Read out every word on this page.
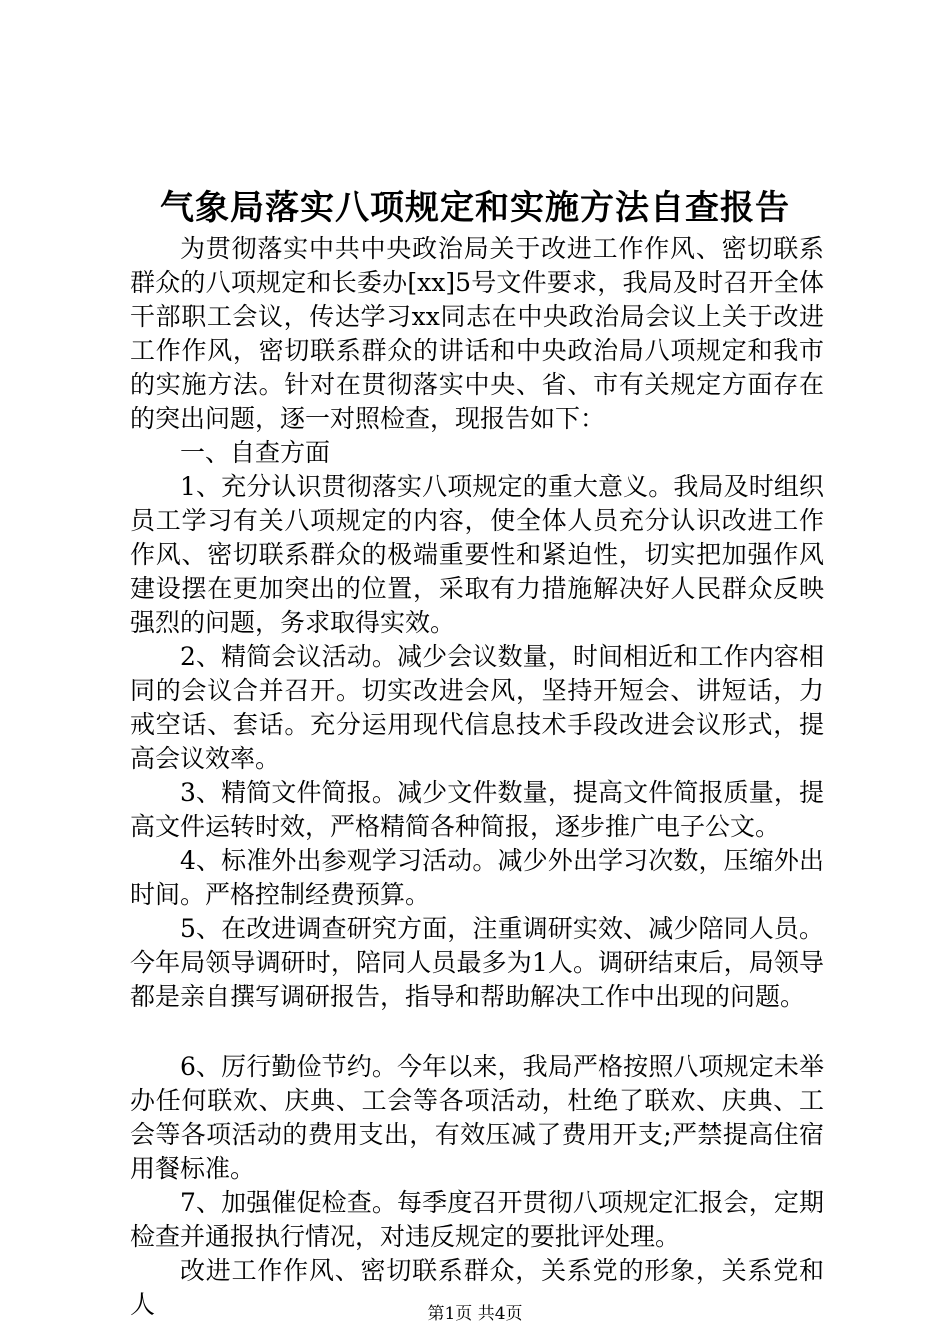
气象局落实八项规定和实施方法自查报告

为贯彻落实中共中央政治局关于改进工作作风、密切联系群众的八项规定和长委办[xx]5号文件要求，我局及时召开全体干部职工会议，传达学习xx同志在中央政治局会议上关于改进工作作风，密切联系群众的讲话和中央政治局八项规定和我市的实施方法。针对在贯彻落实中央、省、市有关规定方面存在的突出问题，逐一对照检查，现报告如下：

一、自查方面

1、充分认识贯彻落实八项规定的重大意义。我局及时组织员工学习有关八项规定的内容，使全体人员充分认识改进工作作风、密切联系群众的极端重要性和紧迫性，切实把加强作风建设摆在更加突出的位置，采取有力措施解决好人民群众反映强烈的问题，务求取得实效。

2、精简会议活动。减少会议数量，时间相近和工作内容相同的会议合并召开。切实改进会风，坚持开短会、讲短话，力戒空话、套话。充分运用现代信息技术手段改进会议形式，提高会议效率。

3、精简文件简报。减少文件数量，提高文件简报质量，提高文件运转时效，严格精简各种简报，逐步推广电子公文。

4、标准外出参观学习活动。减少外出学习次数，压缩外出时间。严格控制经费预算。

5、在改进调查研究方面，注重调研实效、减少陪同人员。今年局领导调研时，陪同人员最多为1人。调研结束后，局领导都是亲自撰写调研报告，指导和帮助解决工作中出现的问题。

6、厉行勤俭节约。今年以来，我局严格按照八项规定未举办任何联欢、庆典、工会等各项活动，杜绝了联欢、庆典、工会等各项活动的费用支出，有效压减了费用开支;严禁提高住宿用餐标准。

7、加强催促检查。每季度召开贯彻八项规定汇报会，定期检查并通报执行情况，对违反规定的要批评处理。

改进工作作风、密切联系群众，关系党的形象，关系党和人	第1页 共4页
